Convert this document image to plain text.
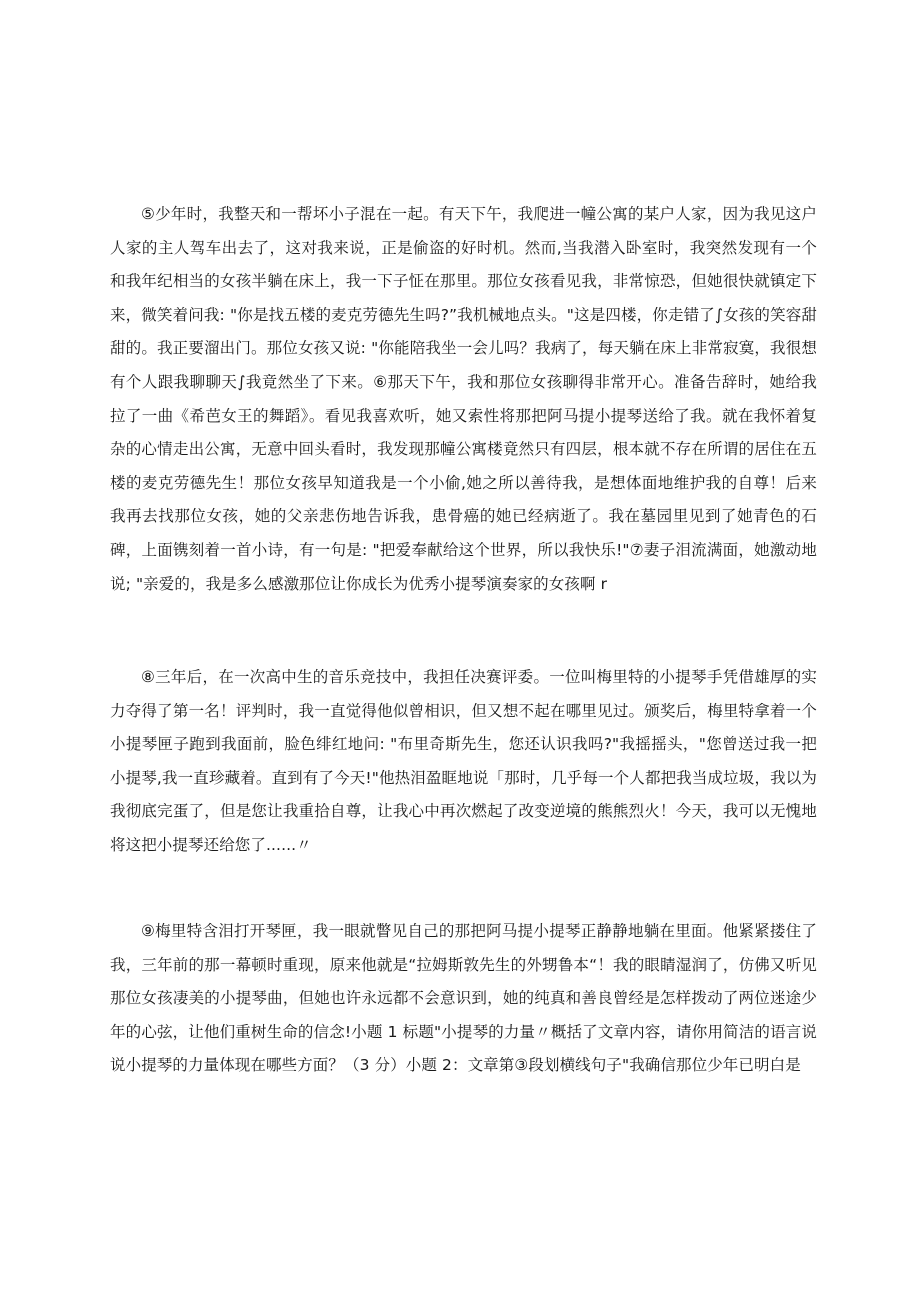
⑤少年时，我整天和一帮坏小子混在一起。有天下午，我爬进一幢公寓的某户人家，因为我见这户人家的主人驾车出去了，这对我来说，正是偷盗的好时机。然而,当我潜入卧室时，我突然发现有一个和我年纪相当的女孩半躺在床上，我一下子怔在那里。那位女孩看见我，非常惊恐，但她很快就镇定下来，微笑着问我: "你是找五楼的麦克劳德先生吗?”我机械地点头。"这是四楼，你走错了∫女孩的笑容甜甜的。我正要溜出门。那位女孩又说: "你能陪我坐一会儿吗？我病了，每天躺在床上非常寂寞，我很想有个人跟我聊聊天∫我竟然坐了下来。⑥那天下午，我和那位女孩聊得非常开心。准备告辞时，她给我拉了一曲《希芭女王的舞蹈》。看见我喜欢听，她又索性将那把阿马提小提琴送给了我。就在我怀着复杂的心情走出公寓，无意中回头看时，我发现那幢公寓楼竟然只有四层，根本就不存在所谓的居住在五楼的麦克劳德先生！那位女孩早知道我是一个小偷,她之所以善待我，是想体面地维护我的自尊！后来我再去找那位女孩，她的父亲悲伤地告诉我，患骨癌的她已经病逝了。我在墓园里见到了她青色的石碑，上面镌刻着一首小诗，有一句是: "把爱奉献给这个世界，所以我快乐!"⑦妻子泪流满面，她激动地说; "亲爱的，我是多么感激那位让你成长为优秀小提琴演奏家的女孩啊 r

⑧三年后，在一次高中生的音乐竞技中，我担任决赛评委。一位叫梅里特的小提琴手凭借雄厚的实力夺得了第一名！评判时，我一直觉得他似曾相识，但又想不起在哪里见过。颁奖后，梅里特拿着一个小提琴匣子跑到我面前，脸色绯红地问: "布里奇斯先生，您还认识我吗?"我摇摇头，"您曾送过我一把小提琴,我一直珍藏着。直到有了今天!"他热泪盈眶地说「那时，几乎每一个人都把我当成垃圾，我以为我彻底完蛋了，但是您让我重拾自尊，让我心中再次燃起了改变逆境的熊熊烈火！今天，我可以无愧地将这把小提琴还给您了......〃

⑨梅里特含泪打开琴匣，我一眼就瞥见自己的那把阿马提小提琴正静静地躺在里面。他紧紧搂住了我，三年前的那一幕顿时重现，原来他就是“拉姆斯敦先生的外甥鲁本“！我的眼睛湿润了，仿佛又听见那位女孩凄美的小提琴曲，但她也许永远都不会意识到，她的纯真和善良曾经是怎样拨动了两位迷途少年的心弦，让他们重树生命的信念!小题 1 标题"小提琴的力量〃概括了文章内容，请你用简洁的语言说说小提琴的力量体现在哪些方面？（3 分）小题 2：文章第③段划横线句子"我确信那位少年已明白是
